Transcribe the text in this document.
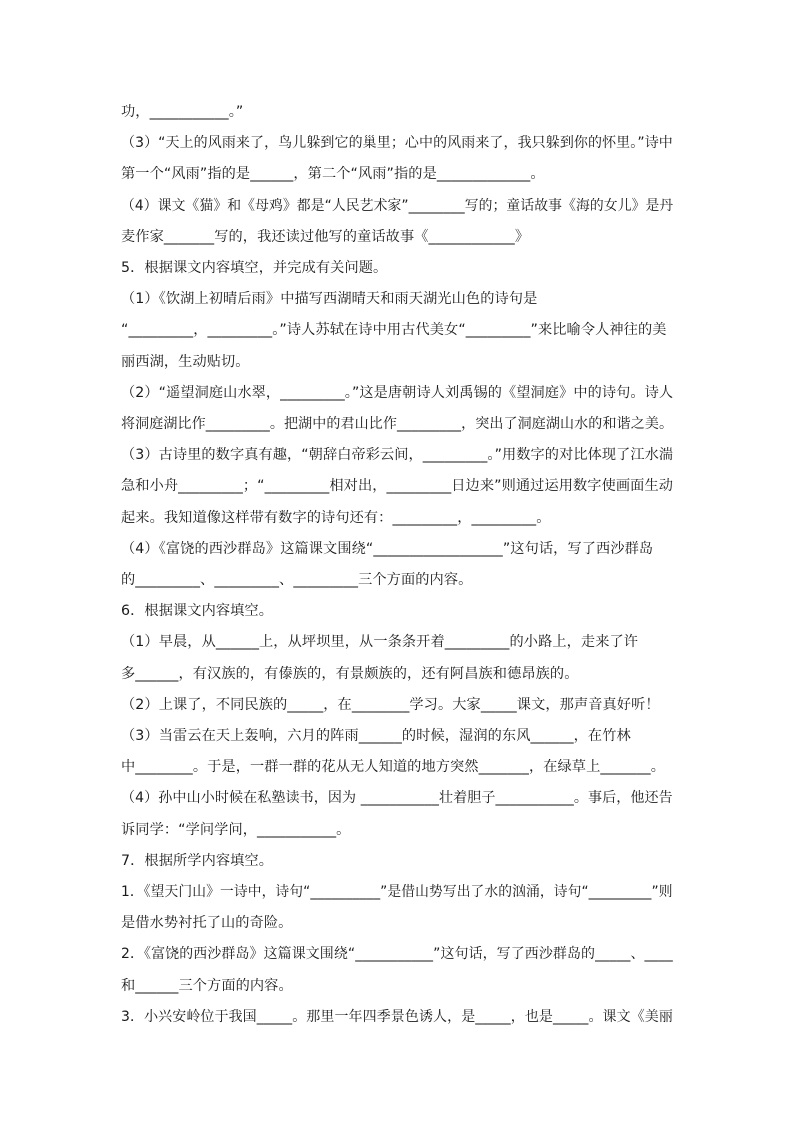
功，___________。”
（3）“天上的风雨来了，鸟儿躲到它的巢里；心中的风雨来了，我只躲到你的怀里。”诗中
第一个“风雨”指的是______，第二个“风雨”指的是_____________。
（4）课文《猫》和《母鸡》都是“人民艺术家”________写的；童话故事《海的女儿》是丹
麦作家_______写的，我还读过他写的童话故事《____________》
5．根据课文内容填空，并完成有关问题。
（1）《饮湖上初晴后雨》中描写西湖晴天和雨天湖光山色的诗句是
“_________，_________。”诗人苏轼在诗中用古代美女“_________”来比喻令人神往的美
丽西湖，生动贴切。
（2）“遥望洞庭山水翠，_________。”这是唐朝诗人刘禹锡的《望洞庭》中的诗句。诗人
将洞庭湖比作_________。把湖中的君山比作_________，突出了洞庭湖山水的和谐之美。
（3）古诗里的数字真有趣，“朝辞白帝彩云间，_________。”用数字的对比体现了江水湍
急和小舟_________；“_________相对出，_________日边来”则通过运用数字使画面生动
起来。我知道像这样带有数字的诗句还有：_________，_________。
（4）《富饶的西沙群岛》这篇课文围绕“__________________”这句话，写了西沙群岛
的_________、_________、_________三个方面的内容。
6．根据课文内容填空。
（1）早晨，从______上，从坪坝里，从一条条开着_________的小路上，走来了许
多______，有汉族的，有傣族的，有景颇族的，还有阿昌族和德昂族的。
（2）上课了，不同民族的_____，在________学习。大家_____课文，那声音真好听！
（3）当雷云在天上轰响，六月的阵雨______的时候，湿润的东风______，在竹林
中________。于是，一群一群的花从无人知道的地方突然_______，在绿草上_______。
（4）孙中山小时候在私塾读书，因为 ___________壮着胆子___________。事后，他还告
诉同学：“学问学问，___________。
7．根据所学内容填空。
1．《望天门山》一诗中，诗句“__________”是借山势写出了水的汹涌，诗句“_________”则
是借水势衬托了山的奇险。
2．《富饶的西沙群岛》这篇课文围绕“___________”这句话，写了西沙群岛的_____、____
和______三个方面的内容。
3．小兴安岭位于我国_____。那里一年四季景色诱人，是_____，也是_____。课文《美丽
